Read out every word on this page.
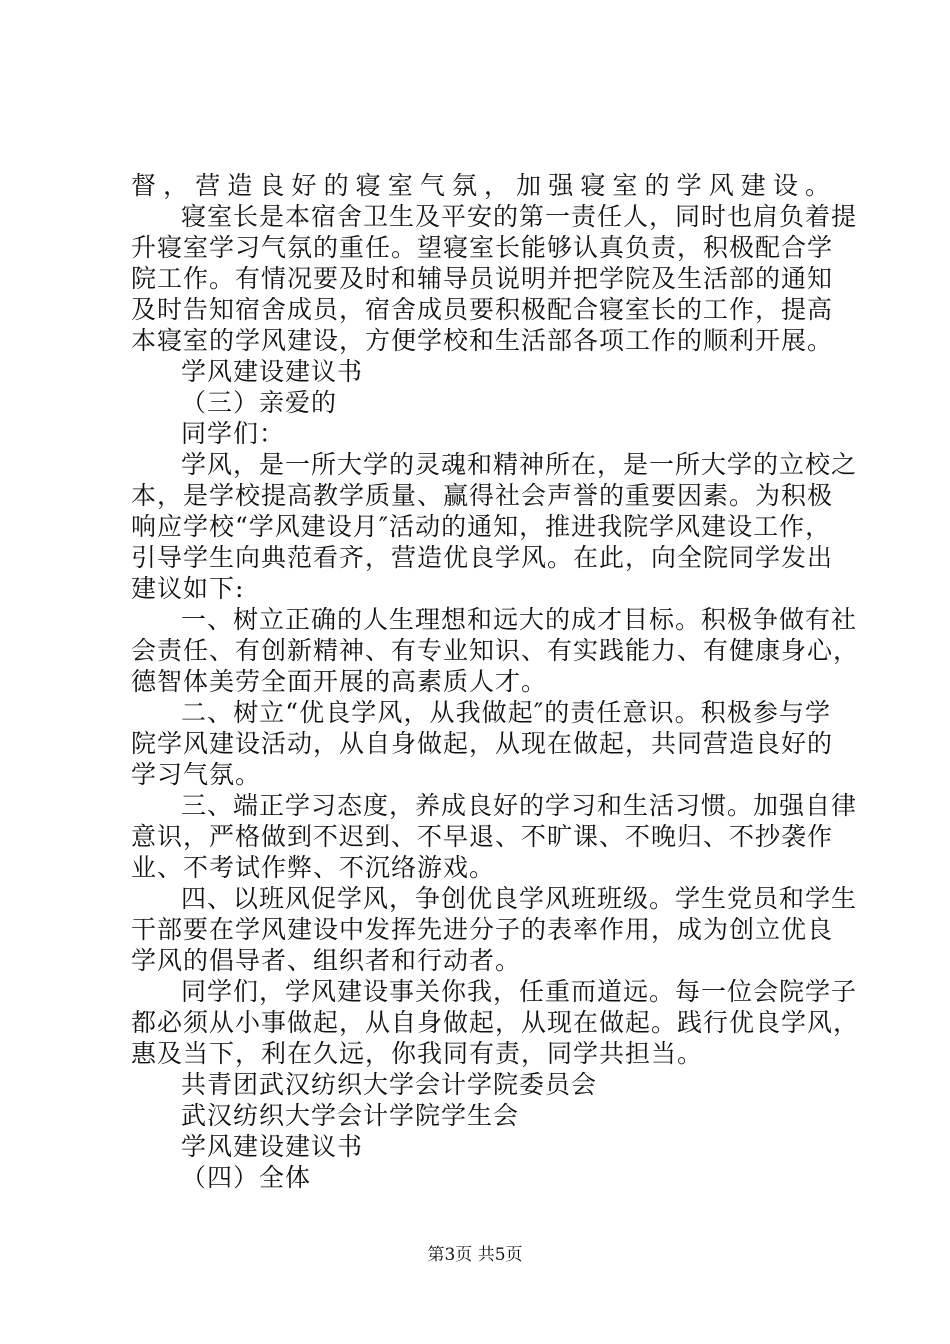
督，营造良好的寝室气氛，加强寝室的学风建设。
寝室长是本宿舍卫生及平安的第一责任人，同时也肩负着提
升寝室学习气氛的重任。望寝室长能够认真负责，积极配合学
院工作。有情况要及时和辅导员说明并把学院及生活部的通知
及时告知宿舍成员，宿舍成员要积极配合寝室长的工作，提高
本寝室的学风建设，方便学校和生活部各项工作的顺利开展。
学风建设建议书
（三）亲爱的
同学们：
学风，是一所大学的灵魂和精神所在，是一所大学的立校之
本，是学校提高教学质量、赢得社会声誉的重要因素。为积极
响应学校“学风建设月″活动的通知，推进我院学风建设工作，
引导学生向典范看齐，营造优良学风。在此，向全院同学发出
建议如下:
一、树立正确的人生理想和远大的成才目标。积极争做有社
会责任、有创新精神、有专业知识、有实践能力、有健康身心，
德智体美劳全面开展的高素质人才。
二、树立“优良学风，从我做起″的责任意识。积极参与学
院学风建设活动，从自身做起，从现在做起，共同营造良好的
学习气氛。
三、端正学习态度，养成良好的学习和生活习惯。加强自律
意识，严格做到不迟到、不早退、不旷课、不晚归、不抄袭作
业、不考试作弊、不沉络游戏。
四、以班风促学风，争创优良学风班班级。学生党员和学生
干部要在学风建设中发挥先进分子的表率作用，成为创立优良
学风的倡导者、组织者和行动者。
同学们，学风建设事关你我，任重而道远。每一位会院学子
都必须从小事做起，从自身做起，从现在做起。践行优良学风，
惠及当下，利在久远，你我同有责，同学共担当。
共青团武汉纺织大学会计学院委员会
武汉纺织大学会计学院学生会
学风建设建议书
（四）全体
第3页 共5页
